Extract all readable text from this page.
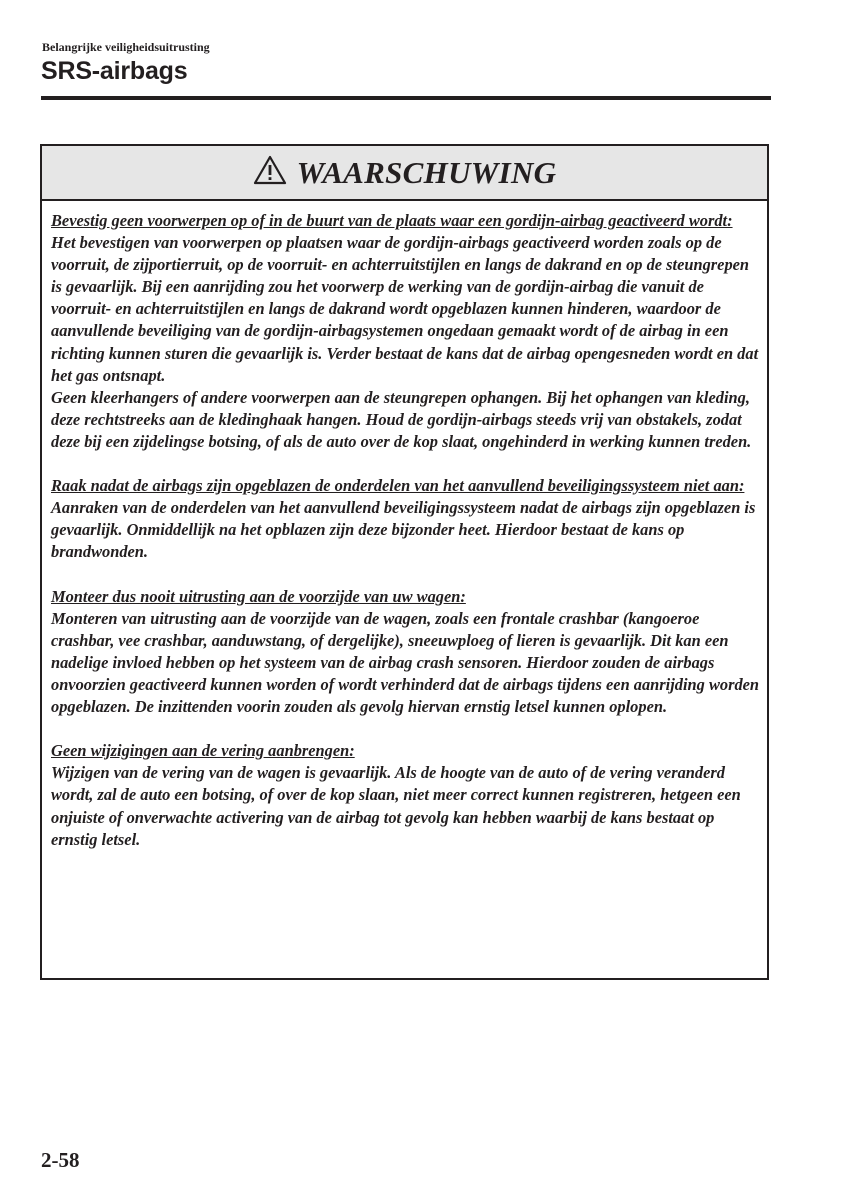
Belangrijke veiligheidsuitrusting
SRS-airbags
WAARSCHUWING
Bevestig geen voorwerpen op of in de buurt van de plaats waar een gordijn-airbag geactiveerd wordt:
Het bevestigen van voorwerpen op plaatsen waar de gordijn-airbags geactiveerd worden zoals op de voorruit, de zijportierruit, op de voorruit- en achterruitstijlen en langs de dakrand en op de steungrepen is gevaarlijk. Bij een aanrijding zou het voorwerp de werking van de gordijn-airbag die vanuit de voorruit- en achterruitstijlen en langs de dakrand wordt opgeblazen kunnen hinderen, waardoor de aanvullende beveiliging van de gordijn-airbagsystemen ongedaan gemaakt wordt of de airbag in een richting kunnen sturen die gevaarlijk is. Verder bestaat de kans dat de airbag opengesneden wordt en dat het gas ontsnapt.
Geen kleerhangers of andere voorwerpen aan de steungrepen ophangen. Bij het ophangen van kleding, deze rechtstreeks aan de kledinghaak hangen. Houd de gordijn-airbags steeds vrij van obstakels, zodat deze bij een zijdelingse botsing, of als de auto over de kop slaat, ongehinderd in werking kunnen treden.
Raak nadat de airbags zijn opgeblazen de onderdelen van het aanvullend beveiligingssysteem niet aan:
Aanraken van de onderdelen van het aanvullend beveiligingssysteem nadat de airbags zijn opgeblazen is gevaarlijk. Onmiddellijk na het opblazen zijn deze bijzonder heet. Hierdoor bestaat de kans op brandwonden.
Monteer dus nooit uitrusting aan de voorzijde van uw wagen:
Monteren van uitrusting aan de voorzijde van de wagen, zoals een frontale crashbar (kangoeroe crashbar, vee crashbar, aanduwstang, of dergelijke), sneeuwploeg of lieren is gevaarlijk. Dit kan een nadelige invloed hebben op het systeem van de airbag crash sensoren. Hierdoor zouden de airbags onvoorzien geactiveerd kunnen worden of wordt verhinderd dat de airbags tijdens een aanrijding worden opgeblazen. De inzittenden voorin zouden als gevolg hiervan ernstig letsel kunnen oplopen.
Geen wijzigingen aan de vering aanbrengen:
Wijzigen van de vering van de wagen is gevaarlijk. Als de hoogte van de auto of de vering veranderd wordt, zal de auto een botsing, of over de kop slaan, niet meer correct kunnen registreren, hetgeen een onjuiste of onverwachte activering van de airbag tot gevolg kan hebben waarbij de kans bestaat op ernstig letsel.
2-58
